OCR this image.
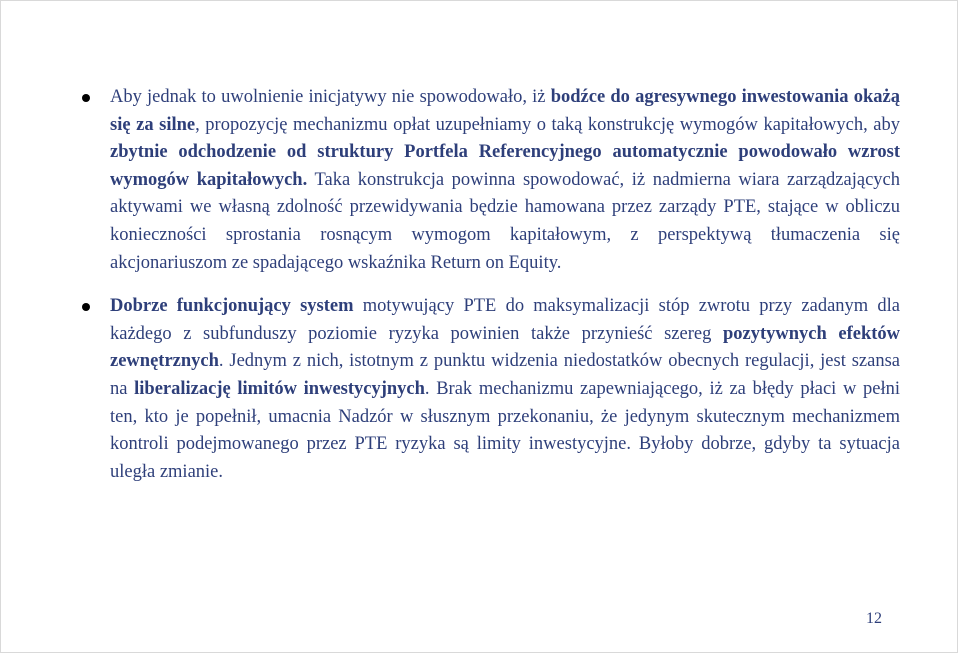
Aby jednak to uwolnienie inicjatywy nie spowodowało, iż bodźce do agresywnego inwestowania okażą się za silne, propozycję mechanizmu opłat uzupełniamy o taką konstrukcję wymogów kapitałowych, aby zbytnie odchodzenie od struktury Portfela Referencyjnego automatycznie powodowało wzrost wymogów kapitałowych. Taka konstrukcja powinna spowodować, iż nadmierna wiara zarządzających aktywami we własną zdolność przewidywania będzie hamowana przez zarządy PTE, stające w obliczu konieczności sprostania rosnącym wymogom kapitałowym, z perspektywą tłumaczenia się akcjonariuszom ze spadającego wskaźnika Return on Equity.
Dobrze funkcjonujący system motywujący PTE do maksymalizacji stóp zwrotu przy zadanym dla każdego z subfunduszy poziomie ryzyka powinien także przynieść szereg pozytywnych efektów zewnętrznych. Jednym z nich, istotnym z punktu widzenia niedostatków obecnych regulacji, jest szansa na liberalizację limitów inwestycyjnych. Brak mechanizmu zapewniającego, iż za błędy płaci w pełni ten, kto je popełnił, umacnia Nadzór w słusznym przekonaniu, że jedynym skutecznym mechanizmem kontroli podejmowanego przez PTE ryzyka są limity inwestycyjne. Byłoby dobrze, gdyby ta sytuacja uległa zmianie.
12
